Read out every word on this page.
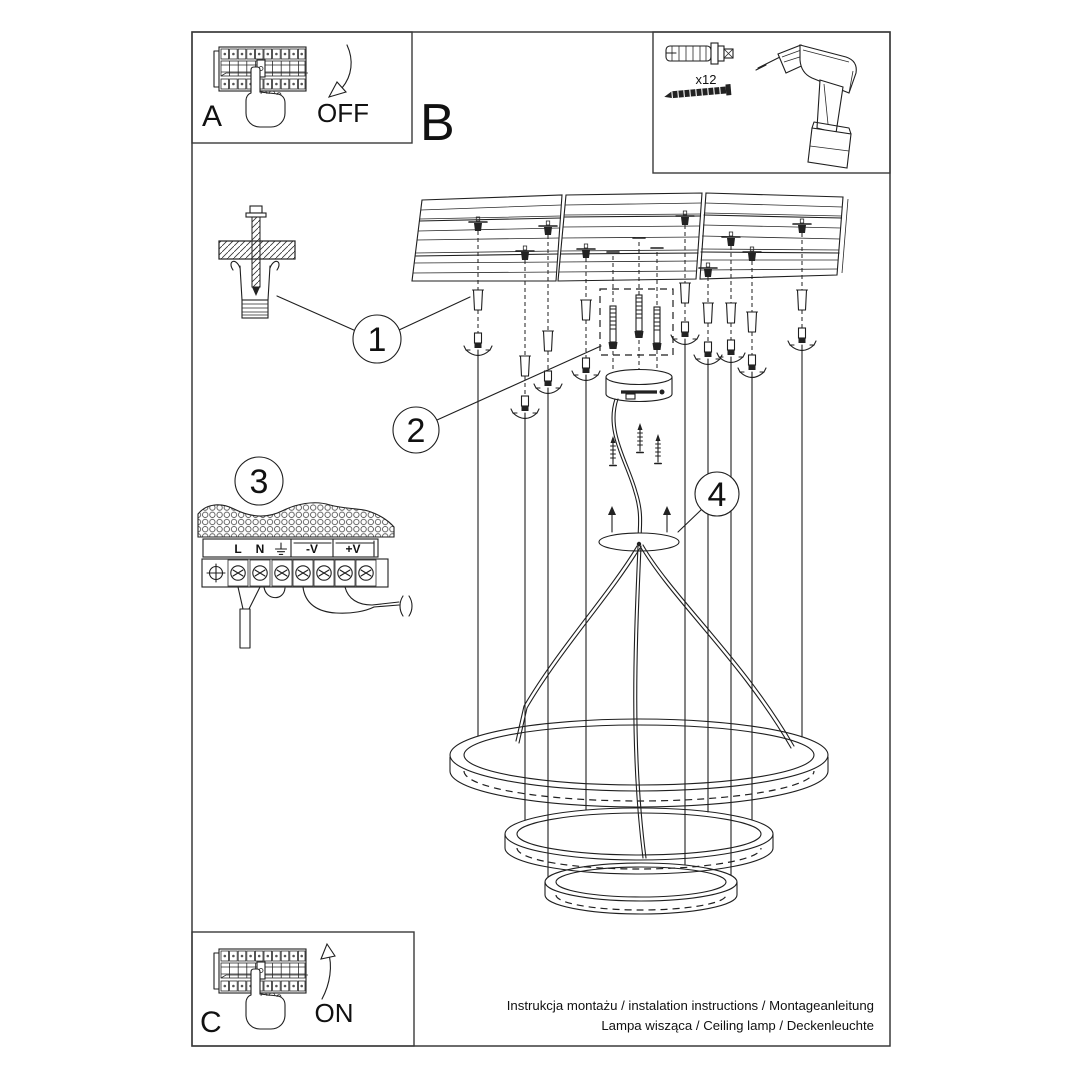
x12
B
1
2
3	4
L N	-V +V
A	OFF
C	ON	Instrukcja montażu / instalation instructions / Montageanleitung
Lampa wisząca / Ceiling lamp / Deckenleuchte
